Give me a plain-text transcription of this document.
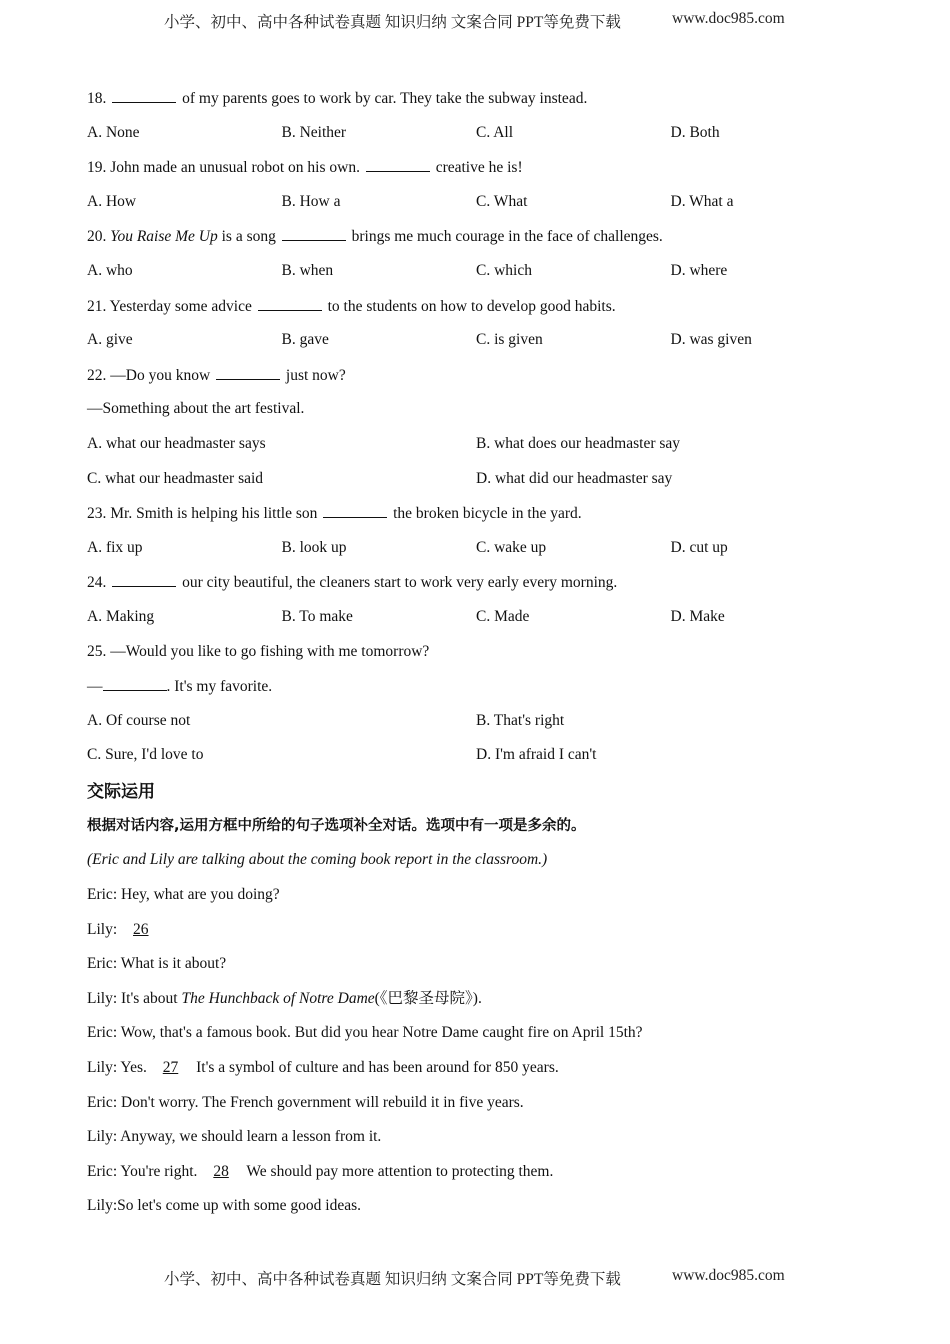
小学、初中、高中各种试卷真题 知识归纳 文案合同 PPT等免费下载	www.doc985.com
18.	of my parents goes to work by car. They take the subway instead.
A. None	B. Neither	C. All	D. Both
19. John made an unusual robot on his own.	creative he is!
A. How	B. How a	C. What	D. What a
20. You Raise Me Up is a song	brings me much courage in the face of challenges.
A. who	B. when	C. which	D. where
21. Yesterday some advice	to the students on how to develop good habits.
A. give	B. gave	C. is given	D. was given
22. —Do you know	just now?
—Something about the art festival.
A. what our headmaster says	B. what does our headmaster say
C. what our headmaster said	D. what did our headmaster say
23. Mr. Smith is helping his little son	the broken bicycle in the yard.
A. fix up	B. look up	C. wake up	D. cut up
24.	our city beautiful, the cleaners start to work very early every morning.
A. Making	B. To make	C. Made	D. Make
25. —Would you like to go fishing with me tomorrow?
—	. It's my favorite.
A. Of course not	B. That's right
C. Sure, I'd love to	D. I'm afraid I can't
交际运用
根据对话内容,运用方框中所给的句子选项补全对话。选项中有一项是多余的。
(Eric and Lily are talking about the coming book report in the classroom.)
Eric: Hey, what are you doing?
Lily: 26
Eric: What is it about?
Lily: It's about The Hunchback of Notre Dame(《巴黎圣母院》).
Eric: Wow, that's a famous book. But did you hear Notre Dame caught fire on April 15th?
Lily: Yes. 27 It's a symbol of culture and has been around for 850 years.
Eric: Don't worry. The French government will rebuild it in five years.
Lily: Anyway, we should learn a lesson from it.
Eric: You're right. 28 We should pay more attention to protecting them.
Lily:So let's come up with some good ideas.
小学、初中、高中各种试卷真题 知识归纳 文案合同 PPT等免费下载	www.doc985.com
